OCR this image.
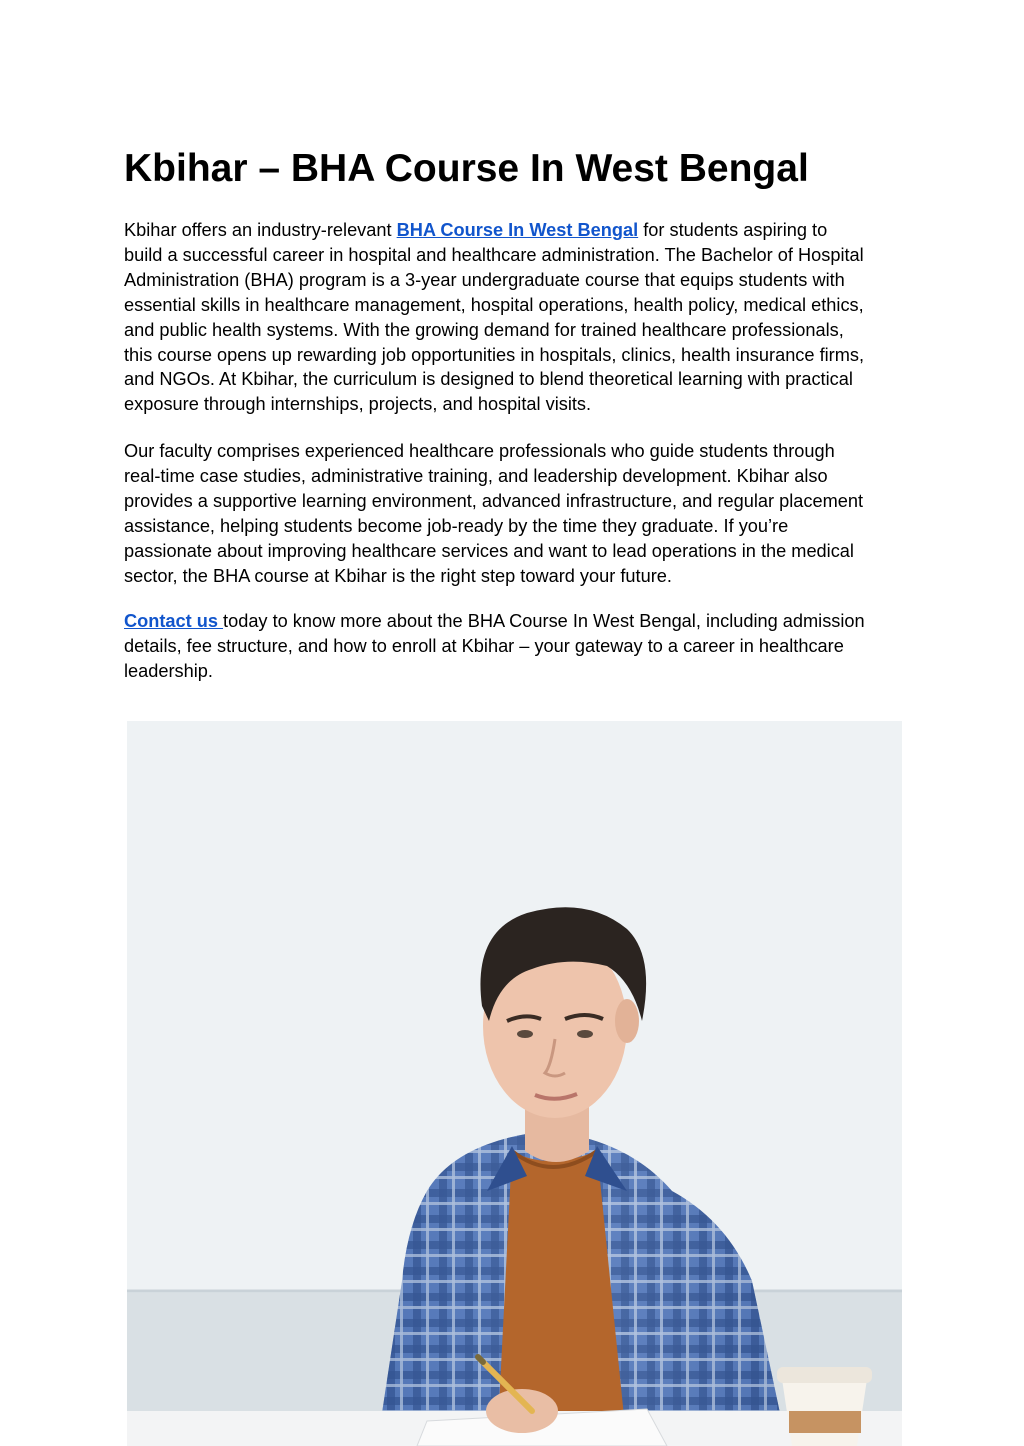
Kbihar – BHA Course In West Bengal
Kbihar offers an industry-relevant BHA Course In West Bengal for students aspiring to
build a successful career in hospital and healthcare administration. The Bachelor of Hospital
Administration (BHA) program is a 3-year undergraduate course that equips students with
essential skills in healthcare management, hospital operations, health policy, medical ethics,
and public health systems. With the growing demand for trained healthcare professionals,
this course opens up rewarding job opportunities in hospitals, clinics, health insurance firms,
and NGOs. At Kbihar, the curriculum is designed to blend theoretical learning with practical
exposure through internships, projects, and hospital visits.
Our faculty comprises experienced healthcare professionals who guide students through
real-time case studies, administrative training, and leadership development. Kbihar also
provides a supportive learning environment, advanced infrastructure, and regular placement
assistance, helping students become job-ready by the time they graduate. If you’re
passionate about improving healthcare services and want to lead operations in the medical
sector, the BHA course at Kbihar is the right step toward your future.
Contact us today to know more about the BHA Course In West Bengal, including admission
details, fee structure, and how to enroll at Kbihar – your gateway to a career in healthcare
leadership.
